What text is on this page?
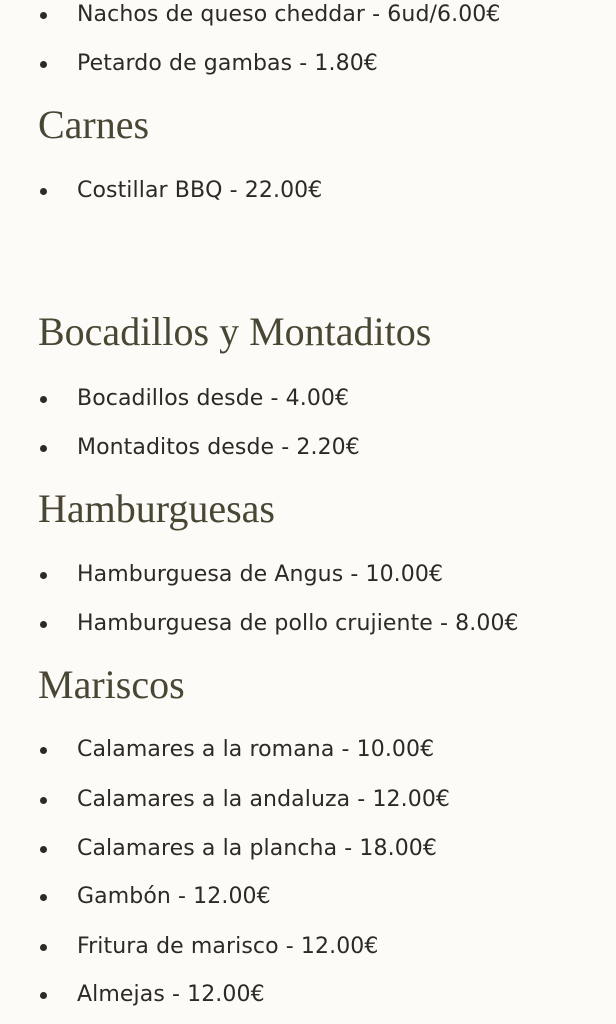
Nachos de queso cheddar - 6ud/6.00€
Petardo de gambas - 1.80€
Carnes
Costillar BBQ - 22.00€
Bocadillos y Montaditos
Bocadillos desde - 4.00€
Montaditos desde - 2.20€
Hamburguesas
Hamburguesa de Angus - 10.00€
Hamburguesa de pollo crujiente - 8.00€
Mariscos
Calamares a la romana - 10.00€
Calamares a la andaluza - 12.00€
Calamares a la plancha - 18.00€
Gambón - 12.00€
Fritura de marisco - 12.00€
Almejas - 12.00€
